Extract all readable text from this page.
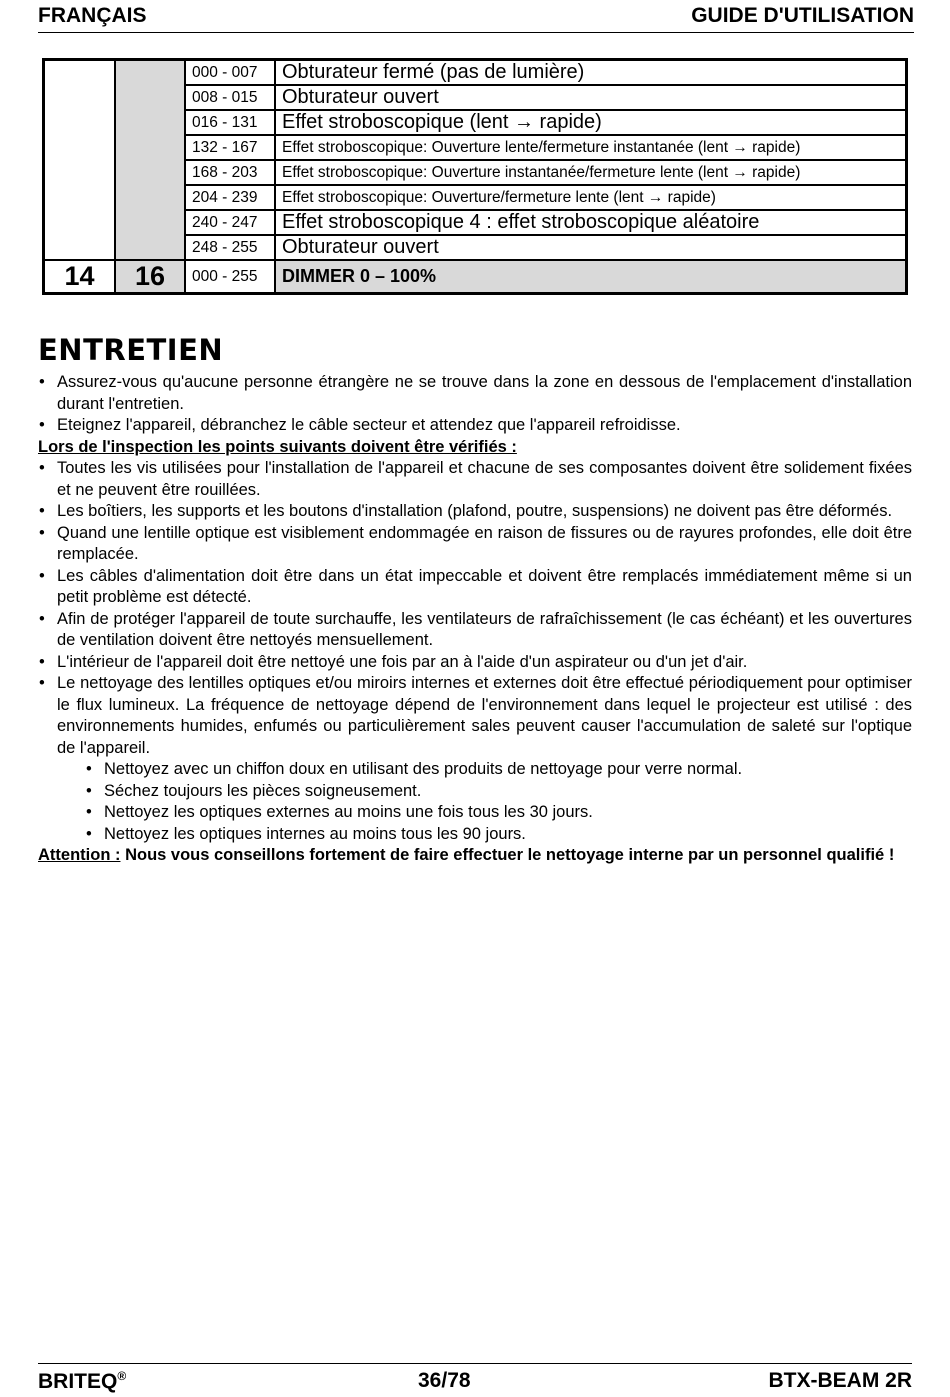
FRANÇAIS	GUIDE D'UTILISATION
		000 - 007	Obturateur fermé (pas de lumière)
		008 - 015	Obturateur ouvert
		016 - 131	Effet stroboscopique (lent → rapide)
		132 - 167	Effet stroboscopique: Ouverture lente/fermeture instantanée (lent → rapide)
		168 - 203	Effet stroboscopique: Ouverture instantanée/fermeture lente (lent → rapide)
		204 - 239	Effet stroboscopique: Ouverture/fermeture lente (lent → rapide)
		240 - 247	Effet stroboscopique 4 : effet stroboscopique aléatoire
		248 - 255	Obturateur ouvert
14	16	000 - 255	DIMMER 0 – 100%
ENTRETIEN
• Assurez-vous qu'aucune personne étrangère ne se trouve dans la zone en dessous de l'emplacement d'installation durant l'entretien.
• Eteignez l'appareil, débranchez le câble secteur et attendez que l'appareil refroidisse.

Lors de l'inspection les points suivants doivent être vérifiés :

• Toutes les vis utilisées pour l'installation de l'appareil et chacune de ses composantes doivent être solidement fixées et ne peuvent être rouillées.
• Les boîtiers, les supports et les boutons d'installation (plafond, poutre, suspensions) ne doivent pas être déformés.
• Quand une lentille optique est visiblement endommagée en raison de fissures ou de rayures profondes, elle doit être remplacée.
• Les câbles d'alimentation doit être dans un état impeccable et doivent être remplacés immédiatement même si un petit problème est détecté.
• Afin de protéger l'appareil de toute surchauffe, les ventilateurs de rafraîchissement (le cas échéant) et les ouvertures de ventilation doivent être nettoyés mensuellement.
• L'intérieur de l'appareil doit être nettoyé une fois par an à l'aide d'un aspirateur ou d'un jet d'air.
• Le nettoyage des lentilles optiques et/ou miroirs internes et externes doit être effectué périodiquement pour optimiser le flux lumineux. La fréquence de nettoyage dépend de l'environnement dans lequel le projecteur est utilisé : des environnements humides, enfumés ou particulièrement sales peuvent causer l'accumulation de saleté sur l'optique de l'appareil.
• Nettoyez avec un chiffon doux en utilisant des produits de nettoyage pour verre normal.
• Séchez toujours les pièces soigneusement.
• Nettoyez les optiques externes au moins une fois tous les 30 jours.
• Nettoyez les optiques internes au moins tous les 90 jours.

Attention : Nous vous conseillons fortement de faire effectuer le nettoyage interne par un personnel qualifié !

BRITEQ®	36/78	BTX-BEAM 2R
